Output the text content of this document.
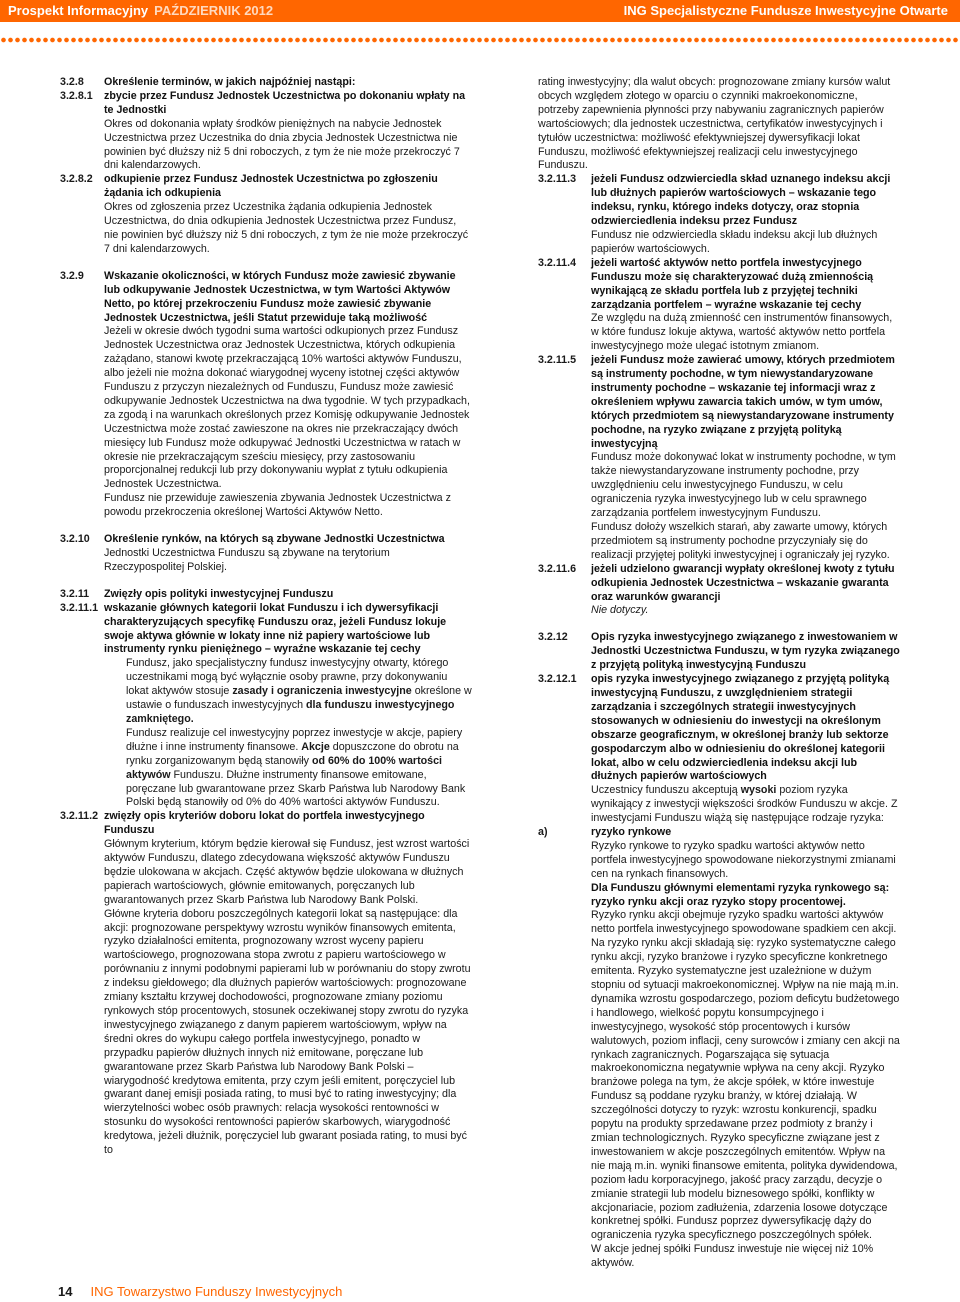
Prospekt Informacyjny PAŹDZIERNIK 2012	ING Specjalistyczne Fundusze Inwestycyjne Otwarte
3.2.8	Określenie terminów, w jakich najpóźniej nastąpi:
3.2.8.1	zbycie przez Fundusz Jednostek Uczestnictwa po dokonaniu wpłaty na te Jednostki
Okres od dokonania wpłaty środków pieniężnych na nabycie Jednostek Uczestnictwa przez Uczestnika do dnia zbycia Jednostek Uczestnictwa nie powinien być dłuższy niż 5 dni roboczych, z tym że nie może przekroczyć 7 dni kalendarzowych.
3.2.8.2	odkupienie przez Fundusz Jednostek Uczestnictwa po zgłoszeniu żądania ich odkupienia
Okres od zgłoszenia przez Uczestnika żądania odkupienia Jednostek Uczestnictwa, do dnia odkupienia Jednostek Uczestnictwa przez Fundusz, nie powinien być dłuższy niż 5 dni roboczych, z tym że nie może przekroczyć 7 dni kalendarzowych.
3.2.9	Wskazanie okoliczności, w których Fundusz może zawiesić zbywanie lub odkupywanie Jednostek Uczestnictwa, w tym Wartości Aktywów Netto, po której przekroczeniu Fundusz może zawiesić zbywanie Jednostek Uczestnictwa, jeśli Statut przewiduje taką możliwość
Jeżeli w okresie dwóch tygodni suma wartości odkupionych przez Fundusz Jednostek Uczestnictwa oraz Jednostek Uczestnictwa, których odkupienia zażądano, stanowi kwotę przekraczającą 10% wartości aktywów Funduszu, albo jeżeli nie można dokonać wiarygodnej wyceny istotnej części aktywów Funduszu z przyczyn niezależnych od Funduszu, Fundusz może zawiesić odkupywanie Jednostek Uczestnictwa na dwa tygodnie. W tych przypadkach, za zgodą i na warunkach określonych przez Komisję odkupywanie Jednostek Uczestnictwa może zostać zawieszone na okres nie przekraczający dwóch miesięcy lub Fundusz może odkupywać Jednostki Uczestnictwa w ratach w okresie nie przekraczającym sześciu miesięcy, przy zastosowaniu proporcjonalnej redukcji lub przy dokonywaniu wypłat z tytułu odkupienia Jednostek Uczestnictwa.
Fundusz nie przewiduje zawieszenia zbywania Jednostek Uczestnictwa z powodu przekroczenia określonej Wartości Aktywów Netto.
3.2.10	Określenie rynków, na których są zbywane Jednostki Uczestnictwa
Jednostki Uczestnictwa Funduszu są zbywane na terytorium Rzeczypospolitej Polskiej.
3.2.11	Zwięzły opis polityki inwestycyjnej Funduszu
3.2.11.1 wskazanie głównych kategorii lokat Funduszu i ich dywersyfikacji charakteryzujących specyfikę Funduszu oraz, jeżeli Fundusz lokuje swoje aktywa głównie w lokaty inne niż papiery wartościowe lub instrumenty rynku pieniężnego – wyraźne wskazanie tej cechy
Fundusz, jako specjalistyczny fundusz inwestycyjny otwarty, którego uczestnikami mogą być wyłącznie osoby prawne, przy dokonywaniu lokat aktywów stosuje zasady i ograniczenia inwestycyjne określone w ustawie o funduszach inwestycyjnych dla funduszu inwestycyjnego zamkniętego.
Fundusz realizuje cel inwestycyjny poprzez inwestycje w akcje, papiery dłużne i inne instrumenty finansowe. Akcje dopuszczone do obrotu na rynku zorganizowanym będą stanowiły od 60% do 100% wartości aktywów Funduszu. Dłużne instrumenty finansowe emitowane, poręczane lub gwarantowane przez Skarb Państwa lub Narodowy Bank Polski będą stanowiły od 0% do 40% wartości aktywów Funduszu.
3.2.11.2 zwięzły opis kryteriów doboru lokat do portfela inwestycyjnego Funduszu
Głównym kryterium, którym będzie kierował się Fundusz, jest wzrost wartości aktywów Funduszu, dlatego zdecydowana większość aktywów Funduszu będzie ulokowana w akcjach. Część aktywów będzie ulokowana w dłużnych papierach wartościowych, głównie emitowanych, poręczanych lub gwarantowanych przez Skarb Państwa lub Narodowy Bank Polski.
Główne kryteria doboru poszczególnych kategorii lokat są następujące: dla akcji: prognozowane perspektywy wzrostu wyników finansowych emitenta, ryzyko działalności emitenta, prognozowany wzrost wyceny papieru wartościowego, prognozowana stopa zwrotu z papieru wartościowego w porównaniu z innymi podobnymi papierami lub w porównaniu do stopy zwrotu z indeksu giełdowego; dla dłużnych papierów wartościowych: prognozowane zmiany kształtu krzywej dochodowości, prognozowane zmiany poziomu rynkowych stóp procentowych, stosunek oczekiwanej stopy zwrotu do ryzyka inwestycyjnego związanego z danym papierem wartościowym, wpływ na średni okres do wykupu całego portfela inwestycyjnego, ponadto w przypadku papierów dłużnych innych niż emitowane, poręczane lub gwarantowane przez Skarb Państwa lub Narodowy Bank Polski – wiarygodność kredytowa emitenta, przy czym jeśli emitent, poręczyciel lub gwarant danej emisji posiada rating, to musi być to rating inwestycyjny; dla wierzytelności wobec osób prawnych: relacja wysokości rentowności w stosunku do wysokości rentowności papierów skarbowych, wiarygodność kredytowa, jeżeli dłużnik, poręczyciel lub gwarant posiada rating, to musi być to
rating inwestycyjny; dla walut obcych: prognozowane zmiany kursów walut obcych względem złotego w oparciu o czynniki makroekonomiczne, potrzeby zapewnienia płynności przy nabywaniu zagranicznych papierów wartościowych; dla jednostek uczestnictwa, certyfikatów inwestycyjnych i tytułów uczestnictwa: możliwość efektywniejszej dywersyfikacji lokat Funduszu, możliwość efektywniejszej realizacji celu inwestycyjnego Funduszu.
3.2.11.3	jeżeli Fundusz odzwierciedla skład uznanego indeksu akcji lub dłużnych papierów wartościowych – wskazanie tego indeksu, rynku, którego indeks dotyczy, oraz stopnia odzwierciedlenia indeksu przez Fundusz
Fundusz nie odzwierciedla składu indeksu akcji lub dłużnych papierów wartościowych.
3.2.11.4	jeżeli wartość aktywów netto portfela inwestycyjnego Funduszu może się charakteryzować dużą zmiennością wynikającą ze składu portfela lub z przyjętej techniki zarządzania portfelem – wyraźne wskazanie tej cechy
Ze względu na dużą zmienność cen instrumentów finansowych, w które fundusz lokuje aktywa, wartość aktywów netto portfela inwestycyjnego może ulegać istotnym zmianom.
3.2.11.5	jeżeli Fundusz może zawierać umowy, których przedmiotem są instrumenty pochodne, w tym niewystandaryzowane instrumenty pochodne – wskazanie tej informacji wraz z określeniem wpływu zawarcia takich umów, w tym umów, których przedmiotem są niewystandaryzowane instrumenty pochodne, na ryzyko związane z przyjętą polityką inwestycyjną
Fundusz może dokonywać lokat w instrumenty pochodne, w tym także niewystandaryzowane instrumenty pochodne, przy uwzględnieniu celu inwestycyjnego Funduszu, w celu ograniczenia ryzyka inwestycyjnego lub w celu sprawnego zarządzania portfelem inwestycyjnym Funduszu.
Fundusz dołoży wszelkich starań, aby zawarte umowy, których przedmiotem są instrumenty pochodne przyczyniały się do realizacji przyjętej polityki inwestycyjnej i ograniczały jej ryzyko.
3.2.11.6	jeżeli udzielono gwarancji wypłaty określonej kwoty z tytułu odkupienia Jednostek Uczestnictwa – wskazanie gwaranta oraz warunków gwarancji
Nie dotyczy.
3.2.12	Opis ryzyka inwestycyjnego związanego z inwestowaniem w Jednostki Uczestnictwa Funduszu, w tym ryzyka związanego z przyjętą polityką inwestycyjną Funduszu
3.2.12.1	opis ryzyka inwestycyjnego związanego z przyjętą polityką inwestycyjną Funduszu, z uwzględnieniem strategii zarządzania i szczególnych strategii inwestycyjnych stosowanych w odniesieniu do inwestycji na określonym obszarze geograficznym, w określonej branży lub sektorze gospodarczym albo w odniesieniu do określonej kategorii lokat, albo w celu odzwierciedlenia indeksu akcji lub dłużnych papierów wartościowych
Uczestnicy funduszu akceptują wysoki poziom ryzyka wynikający z inwestycji większości środków Funduszu w akcje. Z inwestycjami Funduszu wiążą się następujące rodzaje ryzyka:
a)	ryzyko rynkowe
Ryzyko rynkowe to ryzyko spadku wartości aktywów netto portfela inwestycyjnego spowodowane niekorzystnymi zmianami cen na rynkach finansowych.
Dla Funduszu głównymi elementami ryzyka rynkowego są: ryzyko rynku akcji oraz ryzyko stopy procentowej.
Ryzyko rynku akcji obejmuje ryzyko spadku wartości aktywów netto portfela inwestycyjnego spowodowane spadkiem cen akcji. Na ryzyko rynku akcji składają się: ryzyko systematyczne całego rynku akcji, ryzyko branżowe i ryzyko specyficzne konkretnego emitenta. Ryzyko systematyczne jest uzależnione w dużym stopniu od sytuacji makroekonomicznej. Wpływ na nie mają m.in. dynamika wzrostu gospodarczego, poziom deficytu budżetowego i handlowego, wielkość popytu konsumpcyjnego i inwestycyjnego, wysokość stóp procentowych i kursów walutowych, poziom inflacji, ceny surowców i zmiany cen akcji na rynkach zagranicznych. Pogarszająca się sytuacja makroekonomiczna negatywnie wpływa na ceny akcji. Ryzyko branżowe polega na tym, że akcje spółek, w które inwestuje Fundusz są poddane ryzyku branży, w której działają. W szczególności dotyczy to ryzyk: wzrostu konkurencji, spadku popytu na produkty sprzedawane przez podmioty z branży i zmian technologicznych. Ryzyko specyficzne związane jest z inwestowaniem w akcje poszczególnych emitentów. Wpływ na nie mają m.in. wyniki finansowe emitenta, polityka dywidendowa, poziom ładu korporacyjnego, jakość pracy zarządu, decyzje o zmianie strategii lub modelu biznesowego spółki, konflikty w akcjonariacie, poziom zadłużenia, zdarzenia losowe dotyczące konkretnej spółki. Fundusz poprzez dywersyfikację dąży do ograniczenia ryzyka specyficznego poszczególnych spółek.
W akcje jednej spółki Fundusz inwestuje nie więcej niż 10% aktywów.
14 ING Towarzystwo Funduszy Inwestycyjnych
